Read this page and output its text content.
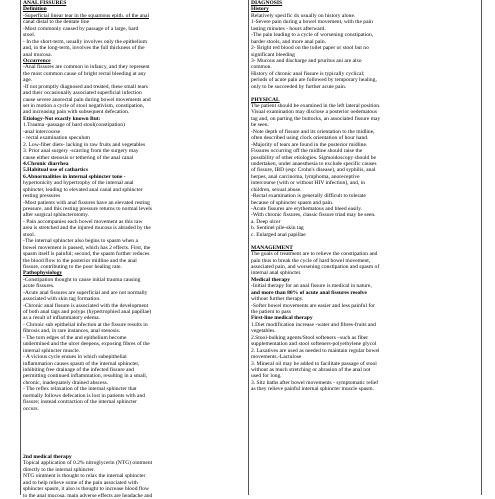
ANAL FISSURES
Definition
-Superficial linear tear in the squamous epith. of the anal
canal distal to the dentate line
-Most commonly caused by passage of a large, hard
stool.
- In the short-term, usually involves only the epithelium
and, in the long-term, involves the full thickness of the
anal mucosa.
Occurrence
-Anal fissures are common in infancy, and they represent
the most common cause of bright rectal bleeding at any
age.
-If not promptly diagnosed and treated, these small tears
and their occasionally associated superficial infection
cause severe anorectal pain during bowel movements and
set in motion a cycle of stool negativism, constipation,
and increasing pain with subsequent defecation.
Etiology-Not exactly known But:
1.Trauma -passage of hard stool(constipation)
-anal intercourse
- rectal examination speculum
2. Low-fiber diets- lacking in raw fruits and vegetables
3. Prior anal surgery -scarring from the surgery may
cause either stenosis or tethering of the anal canal
4.Chronic diarrhea
5.Habitual use of cathartics
6.Abnormalities in internal sphincter tone -
hypertonicity and hypertrophy of the internal anal
sphincter, leading to elevated anal canal and sphincter
resting pressures
-Most patients with anal fissures have an elevated resting
pressure, and this resting pressure returns to normal levels
after surgical sphincterotomy.
- Pain accompanies each bowel movement as this raw
area is stretched and the injured mucosa is abraded by the
stool.
-The internal sphincter also begins to spasm when a
bowel movement is passed, which has 2 effects. First, the
spasm itself is painful; second, the spasm further reduces
the blood flow to the posterior midline and the anal
fissure, contributing to the poor healing rate.
Pathophysiology
-Constipation thought to cause initial trauma causing
acute fissures.
-Acute anal fissures are superficial and are not normally
associated with skin tag formation.
-Chronic anal fissure is associated with the development
of both anal tags and polyps (hypertrophied anal papillae)
as a result of inflammatory edema.
- Chronic sub epithelial infection at the fissure results in
fibrosis and, in rare instances, anal stenosis.
- The torn edges of the and epithelium become
undermined and the ulcer deepens, exposing fibres of the
internal sphincter muscle.
- A vicious cycle ensues in which subepithelial
inflammation causes spasm of the internal sphincter,
inhibiting free drainage of the infected fissure and
permitting continued inflammation, resulting in a small,
chronic, inadequately drained abscess.
- The reflex relaxation of the internal sphincter that
normally follows defecation is lost in patients with and
fissure; instead contraction of the internal sphincter
occurs.
2nd medical therapy
Topical application of 0.2% nitroglycerin (NTG) ointment
directly to the internal sphincter.
NTG ointment is thought to relax the internal sphincter
and to help relieve some of the pain associated with
sphincter spasm, it also is thought to increase blood flow
to the anal mucosa. main adverse effects are headache and
DIAGNOSIS
History
Relatively specific dx usually on history alone.
1-Severe pain during a bowel movement, with the pain
lasting minutes - hours afterward.
-The pain leading to a cycle of worsening constipation,
harder stools, and more anal pain.
2- Bright red blood on the toilet paper or stool but no
significant bleeding
3- Mucous and discharge and pruritus ani are also
common.
History of chronic anal fissure is typically cyclical;
periods of acute pain are followed by temporary healing,
only to be succeeded by further acute pain.
PHYSICAL
The patient should be examined in the left lateral position.
Visual examination may disclose a posterior oedematous
tag and, on parting the buttocks, an associated fissure may
be seen.
-Note depth of fissure and its orientation to the midline,
often described using clock orientation of hour hand.
-Majority of tears are found in the posterior midline.
Fissures occurring off the midline should raise the
possibility of other etiologies. Sigmoidoscopy should be
undertaken, under anaesthesia to exclude specific causes
of fissure, IBD (esp: Crohn's disease), and syphilis, anal
herpes, anal carcinoma, lymphoma, anoreceptive
intercourse (with or without HIV infection), and, in
children, sexual abuse.
-Rectal examination is generally difficult to tolerate
because of sphincter spasm and pain.
-Acute fissures are erythematous and bleed easily.
-With chronic fissures, classic fissure triad may be seen.
a. Deep ulcer
b. Sentinel pile-skin tag
c. Enlarged anal papillae
MANAGEMENT
The goals of treatment are to relieve the constipation and
pain thus to break the cycle of hard bowel movement,
associated pain, and worsening constipation and spasm of
internal anal sphincter.
Medical therapy
-Initial therapy for an anal fissure is medical in nature,
and more than 80% of acute anal fissures resolve
without further therapy.
-Softer bowel movements are easier and less painful for
the patient to pass
First-line medical therapy
1.Diet modification increase -water and fibres-fruits and
vegetables.
2.Stool-bulking agents/Stool softeners –such as fiber
supplementation and stool softeners-polyethylene glycol
2. Laxatives are used as needed to maintain regular bowel
movements.-Lactulose
3. Mineral oil may be added to facilitate passage of stool
without as much stretching or abrasion of the anal not
used for long.
3. Sitz baths after bowel movements - symptomatic relief
as they relieve painful internal sphincter muscle spasm.
